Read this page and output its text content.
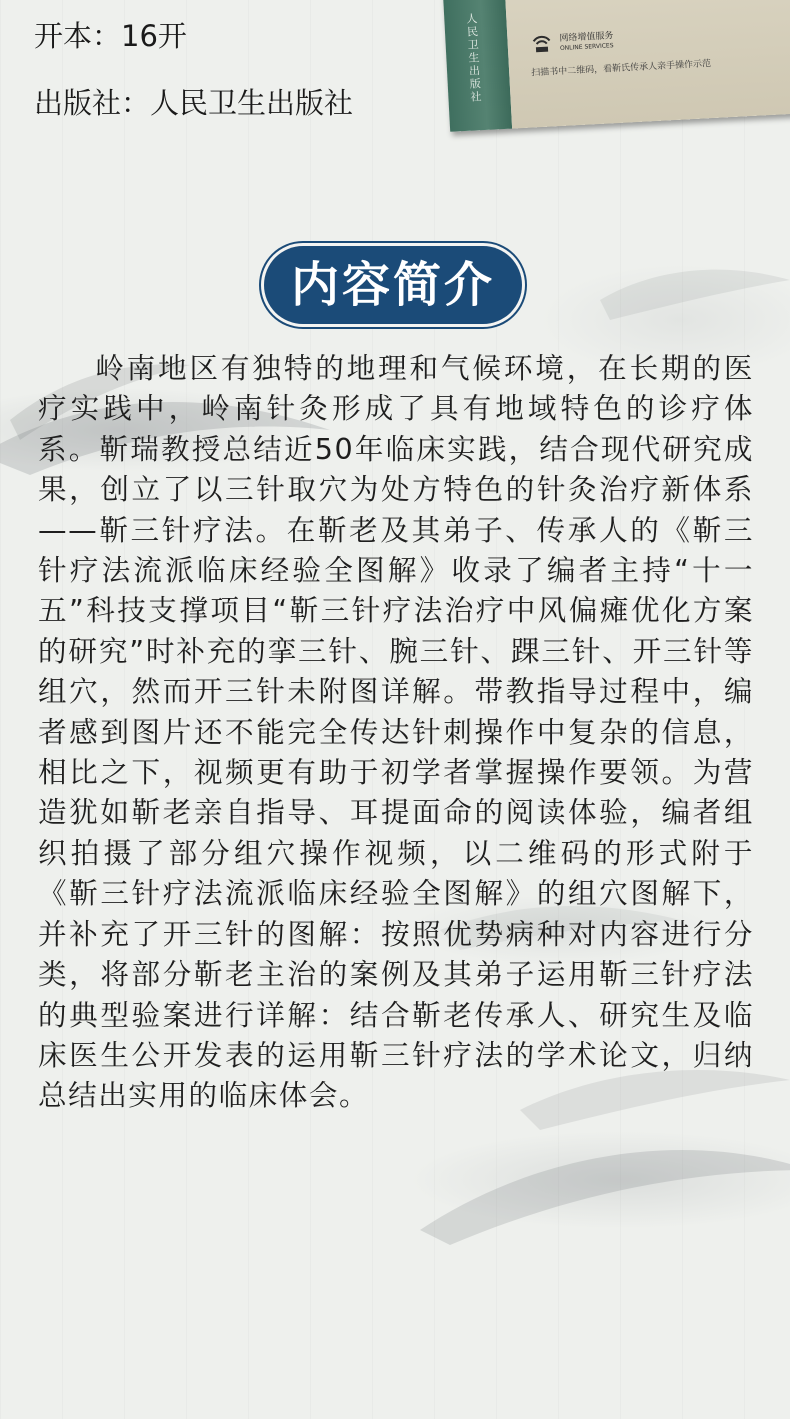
开本：16开
出版社：人民卫生出版社
人民卫生出版社
网络增值服务
ONLINE SERVICES
扫描书中二维码，看靳氏传承人亲手操作示范
内容简介
岭南地区有独特的地理和气候环境，在长期的医疗实践中，岭南针灸形成了具有地域特色的诊疗体系。靳瑞教授总结近50年临床实践，结合现代研究成果，创立了以三针取穴为处方特色的针灸治疗新体系——靳三针疗法。在靳老及其弟子、传承人的《靳三针疗法流派临床经验全图解》收录了编者主持“十一五”科技支撑项目“靳三针疗法治疗中风偏瘫优化方案的研究”时补充的挛三针、腕三针、踝三针、开三针等组穴，然而开三针未附图详解。带教指导过程中，编者感到图片还不能完全传达针刺操作中复杂的信息，相比之下，视频更有助于初学者掌握操作要领。为营造犹如靳老亲自指导、耳提面命的阅读体验，编者组织拍摄了部分组穴操作视频，以二维码的形式附于《靳三针疗法流派临床经验全图解》的组穴图解下，并补充了开三针的图解：按照优势病种对内容进行分类，将部分靳老主治的案例及其弟子运用靳三针疗法的典型验案进行详解：结合靳老传承人、研究生及临床医生公开发表的运用靳三针疗法的学术论文，归纳总结出实用的临床体会。
